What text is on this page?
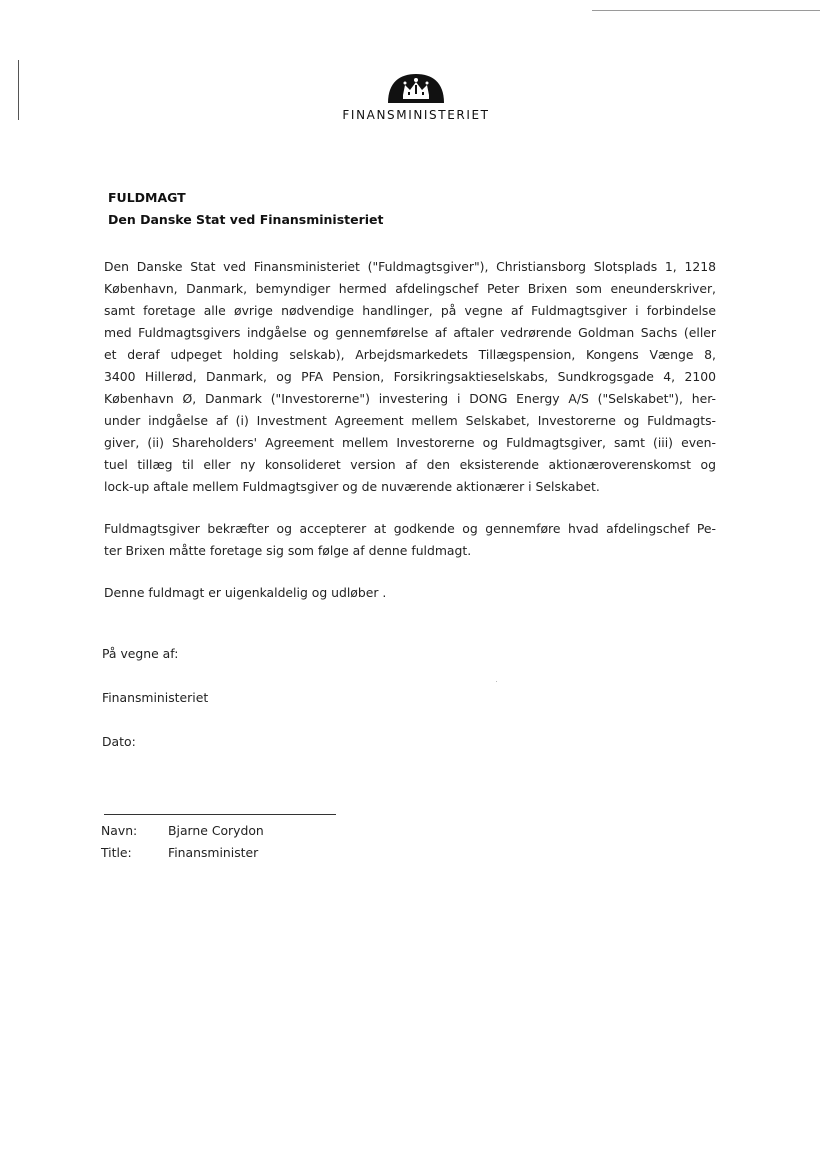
FINANSMINISTERIET
FULDMAGT
Den Danske Stat ved Finansministeriet
Den Danske Stat ved Finansministeriet ("Fuldmagtsgiver"), Christiansborg Slotsplads 1, 1218
København, Danmark, bemyndiger hermed afdelingschef Peter Brixen som eneunderskriver,
samt foretage alle øvrige nødvendige handlinger, på vegne af Fuldmagtsgiver i forbindelse
med Fuldmagtsgivers indgåelse og gennemførelse af aftaler vedrørende Goldman Sachs (eller
et deraf udpeget holding selskab), Arbejdsmarkedets Tillægspension, Kongens Vænge 8,
3400 Hillerød, Danmark, og PFA Pension, Forsikringsaktieselskabs, Sundkrogsgade 4, 2100
København Ø, Danmark ("Investorerne") investering i DONG Energy A/S ("Selskabet"), her-
under indgåelse af (i) Investment Agreement mellem Selskabet, Investorerne og Fuldmagts-
giver, (ii) Shareholders' Agreement mellem Investorerne og Fuldmagtsgiver, samt (iii) even-
tuel tillæg til eller ny konsolideret version af den eksisterende aktionæroverenskomst og
lock-up aftale mellem Fuldmagtsgiver og de nuværende aktionærer i Selskabet.
Fuldmagtsgiver bekræfter og accepterer at godkende og gennemføre hvad afdelingschef Pe-
ter Brixen måtte foretage sig som følge af denne fuldmagt.
Denne fuldmagt er uigenkaldelig og udløber .
På vegne af:
Finansministeriet
Dato:
Navn: Bjarne Corydon
Title:	Finansminister
